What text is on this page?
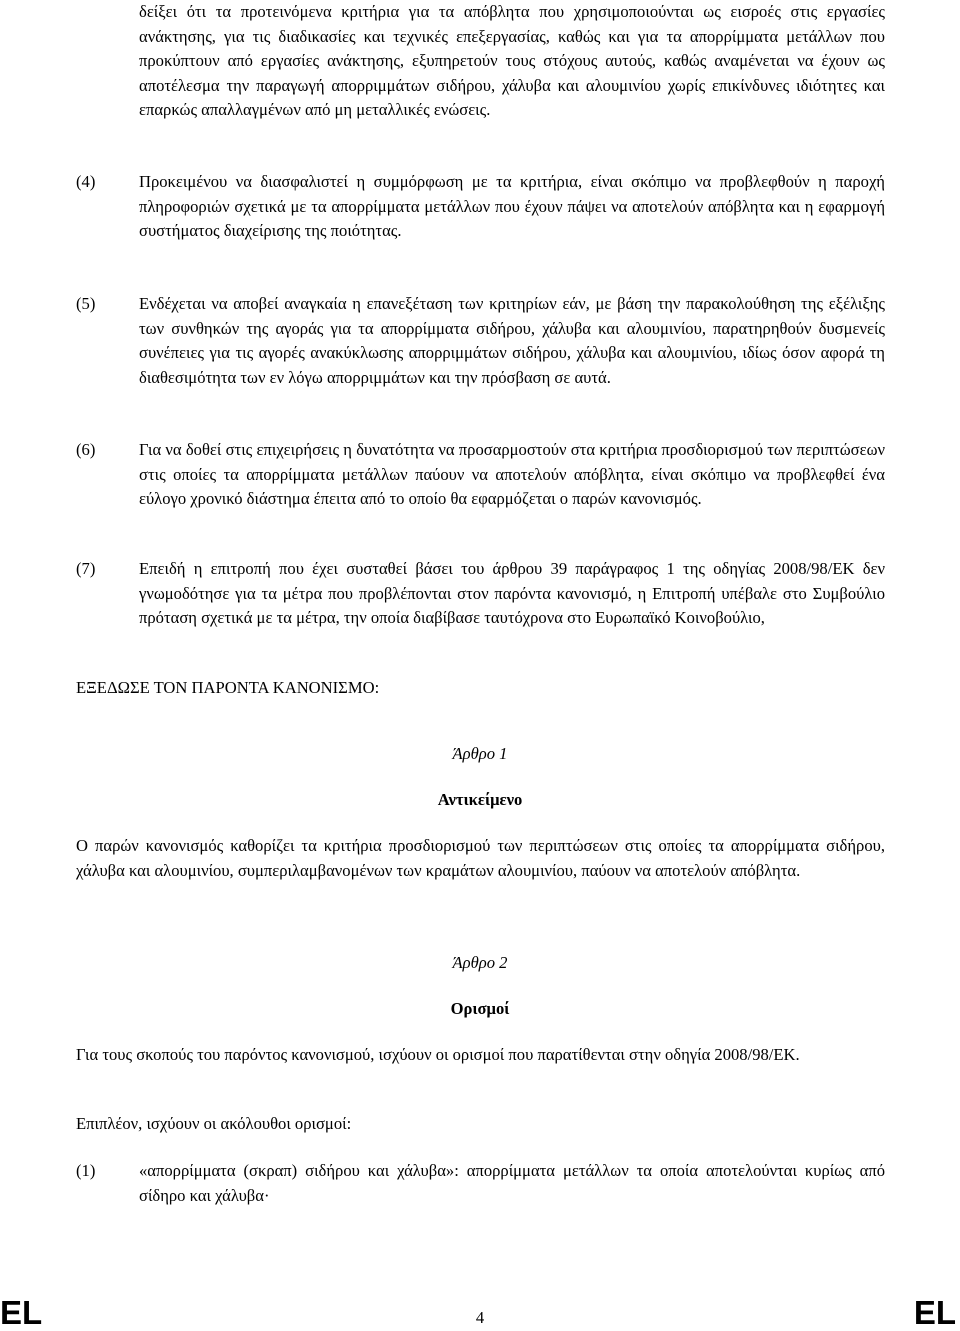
δείξει ότι τα προτεινόμενα κριτήρια για τα απόβλητα που χρησιμοποιούνται ως εισροές στις εργασίες ανάκτησης, για τις διαδικασίες και τεχνικές επεξεργασίας, καθώς και για τα απορρίμματα μετάλλων που προκύπτουν από εργασίες ανάκτησης, εξυπηρετούν τους στόχους αυτούς, καθώς αναμένεται να έχουν ως αποτέλεσμα την παραγωγή απορριμμάτων σιδήρου, χάλυβα και αλουμινίου χωρίς επικίνδυνες ιδιότητες και επαρκώς απαλλαγμένων από μη μεταλλικές ενώσεις.

(4)	Προκειμένου να διασφαλιστεί η συμμόρφωση με τα κριτήρια, είναι σκόπιμο να προβλεφθούν η παροχή πληροφοριών σχετικά με τα απορρίμματα μετάλλων που έχουν πάψει να αποτελούν απόβλητα και η εφαρμογή συστήματος διαχείρισης της ποιότητας.

(5)	Ενδέχεται να αποβεί αναγκαία η επανεξέταση των κριτηρίων εάν, με βάση την παρακολούθηση της εξέλιξης των συνθηκών της αγοράς για τα απορρίμματα σιδήρου, χάλυβα και αλουμινίου, παρατηρηθούν δυσμενείς συνέπειες για τις αγορές ανακύκλωσης απορριμμάτων σιδήρου, χάλυβα και αλουμινίου, ιδίως όσον αφορά τη διαθεσιμότητα των εν λόγω απορριμμάτων και την πρόσβαση σε αυτά.

(6)	Για να δοθεί στις επιχειρήσεις η δυνατότητα να προσαρμοστούν στα κριτήρια προσδιορισμού των περιπτώσεων στις οποίες τα απορρίμματα μετάλλων παύουν να αποτελούν απόβλητα, είναι σκόπιμο να προβλεφθεί ένα εύλογο χρονικό διάστημα έπειτα από το οποίο θα εφαρμόζεται ο παρών κανονισμός.

(7)	Επειδή η επιτροπή που έχει συσταθεί βάσει του άρθρου 39 παράγραφος 1 της οδηγίας 2008/98/ΕΚ δεν γνωμοδότησε για τα μέτρα που προβλέπονται στον παρόντα κανονισμό, η Επιτροπή υπέβαλε στο Συμβούλιο πρόταση σχετικά με τα μέτρα, την οποία διαβίβασε ταυτόχρονα στο Ευρωπαϊκό Κοινοβούλιο,

ΕΞΕΔΩΣΕ ΤΟΝ ΠΑΡΟΝΤΑ ΚΑΝΟΝΙΣΜΟ:
Άρθρο 1
Αντικείμενο

Ο παρών κανονισμός καθορίζει τα κριτήρια προσδιορισμού των περιπτώσεων στις οποίες τα απορρίμματα σιδήρου, χάλυβα και αλουμινίου, συμπεριλαμβανομένων των κραμάτων αλουμινίου, παύουν να αποτελούν απόβλητα.

Άρθρο 2
Ορισμοί

Για τους σκοπούς του παρόντος κανονισμού, ισχύουν οι ορισμοί που παρατίθενται στην οδηγία 2008/98/ΕΚ.

Επιπλέον, ισχύουν οι ακόλουθοι ορισμοί:

(1)	«απορρίμματα (σκραπ) σιδήρου και χάλυβα»: απορρίμματα μετάλλων τα οποία αποτελούνται κυρίως από σίδηρο και χάλυβα·

EL	4	EL
